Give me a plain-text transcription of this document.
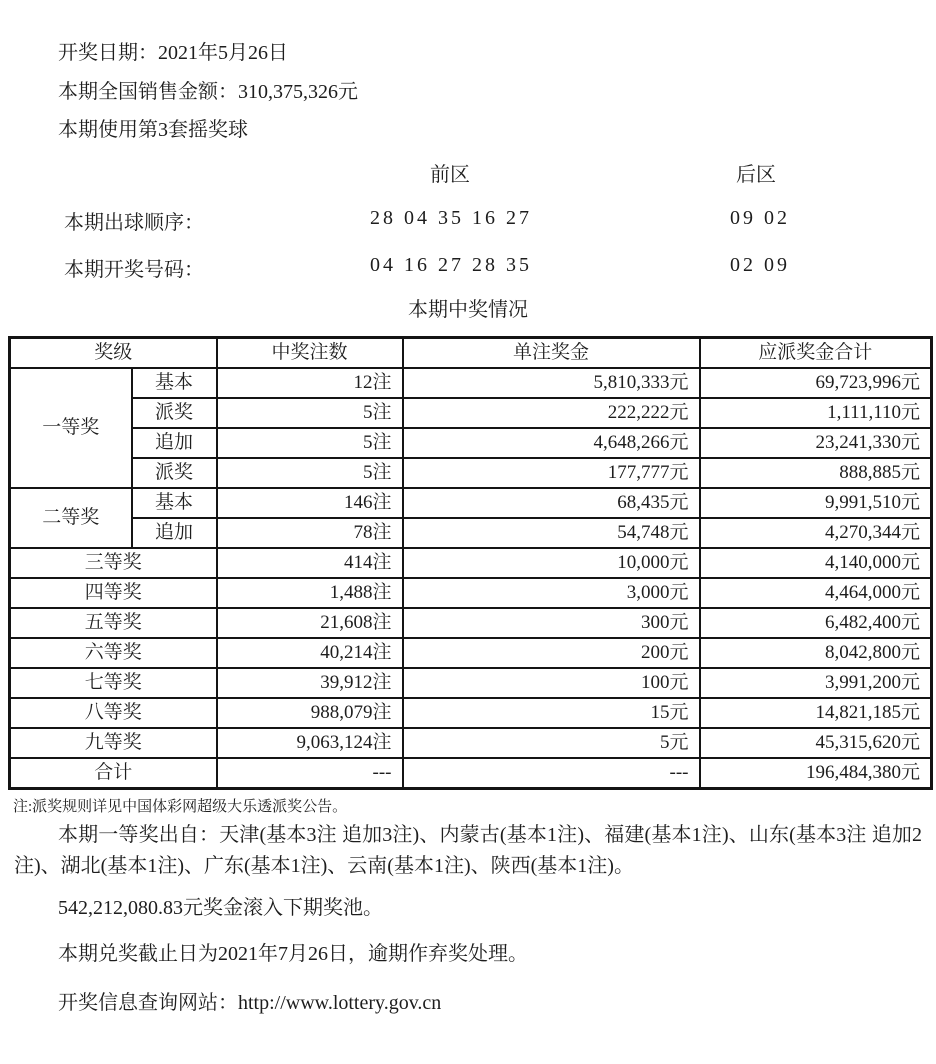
开奖日期：2021年5月26日
本期全国销售金额：310,375,326元
本期使用第3套摇奖球
前区	后区
本期出球顺序：	28 04 35 16 27	09 02
本期开奖号码：	04 16 27 28 35	02 09
本期中奖情况
奖级		中奖注数	单注奖金	应派奖金合计
一等奖	基本	12注	5,810,333元	69,723,996元
	派奖	5注	222,222元	1,111,110元
	追加	5注	4,648,266元	23,241,330元
	派奖	5注	177,777元	888,885元
二等奖	基本	146注	68,435元	9,991,510元
	追加	78注	54,748元	4,270,344元
三等奖		414注	10,000元	4,140,000元
四等奖		1,488注	3,000元	4,464,000元
五等奖		21,608注	300元	6,482,400元
六等奖		40,214注	200元	8,042,800元
七等奖		39,912注	100元	3,991,200元
八等奖		988,079注	15元	14,821,185元
九等奖		9,063,124注	5元	45,315,620元
合计		---	---	196,484,380元
注:派奖规则详见中国体彩网超级大乐透派奖公告。
本期一等奖出自：天津(基本3注 追加3注)、内蒙古(基本1注)、福建(基本1注)、山东(基本3注 追加2注)、湖北(基本1注)、广东(基本1注)、云南(基本1注)、陕西(基本1注)。
542,212,080.83元奖金滚入下期奖池。
本期兑奖截止日为2021年7月26日，逾期作弃奖处理。
开奖信息查询网站：http://www.lottery.gov.cn
